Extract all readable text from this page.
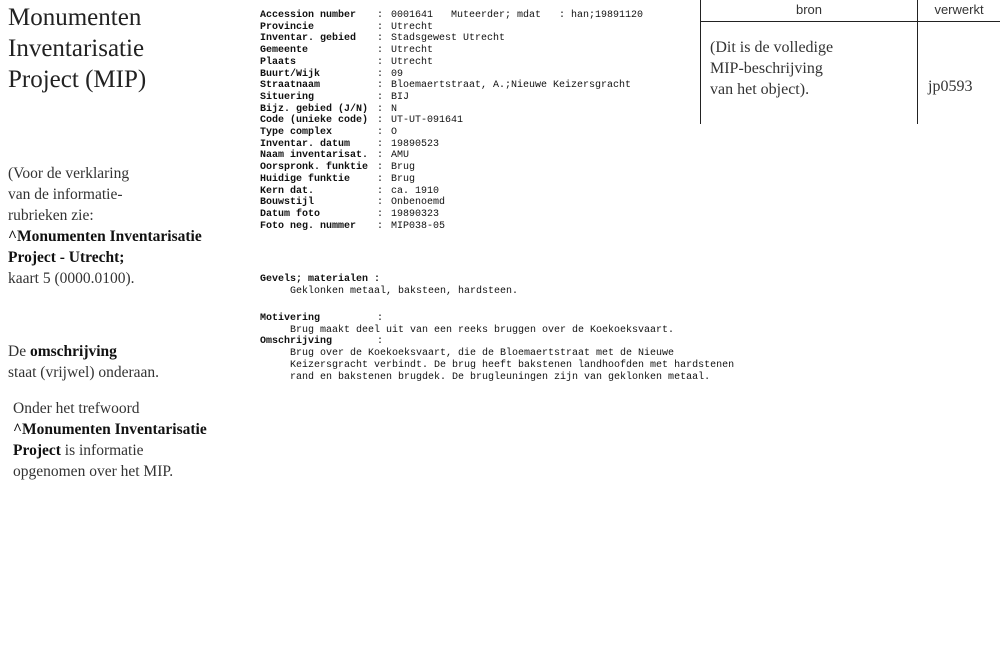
Monumenten
Inventarisatie
Project (MIP)
(Voor de verklaring
van de informatie-
rubrieken zie:
^Monumenten Inventarisatie
Project - Utrecht;
kaart 5 (0000.0100).
De omschrijving
staat (vrijwel) onderaan.
Onder het trefwoord
^Monumenten Inventarisatie
Project is informatie
opgenomen over het MIP.
Accession number	: 0001641 Muteerder; mdat : han;19891120
Provincie	: Utrecht
Inventar. gebied	: Stadsgewest Utrecht
Gemeente	: Utrecht
Plaats	: Utrecht
Buurt/Wijk	: 09
Straatnaam	: Bloemaertstraat, A.;Nieuwe Keizersgracht
Situering	: BIJ
Bijz. gebied (J/N) : N
Code (unieke code) : UT-UT-091641
Type complex	: O
Inventar. datum	: 19890523
Naam inventarisat. : AMU
Oorspronk. funktie : Brug
Huidige funktie	: Brug
Kern dat.	: ca. 1910
Bouwstijl	: Onbenoemd
Datum foto	: 19890323
Foto neg. nummer	: MIP038-05
Gevels; materialen :
Geklonken metaal, baksteen, hardsteen.
Motivering	:
Brug maakt deel uit van een reeks bruggen over de Koekoeksvaart.
Omschrijving	:
Brug over de Koekoeksvaart, die de Bloemaertstraat met de Nieuwe
Keizersgracht verbindt. De brug heeft bakstenen landhoofden met hardstenen
rand en bakstenen brugdek. De brugleuningen zijn van geklonken metaal.
bron	verwerkt
(Dit is de volledige
MIP-beschrijving
van het object).	jp0593
